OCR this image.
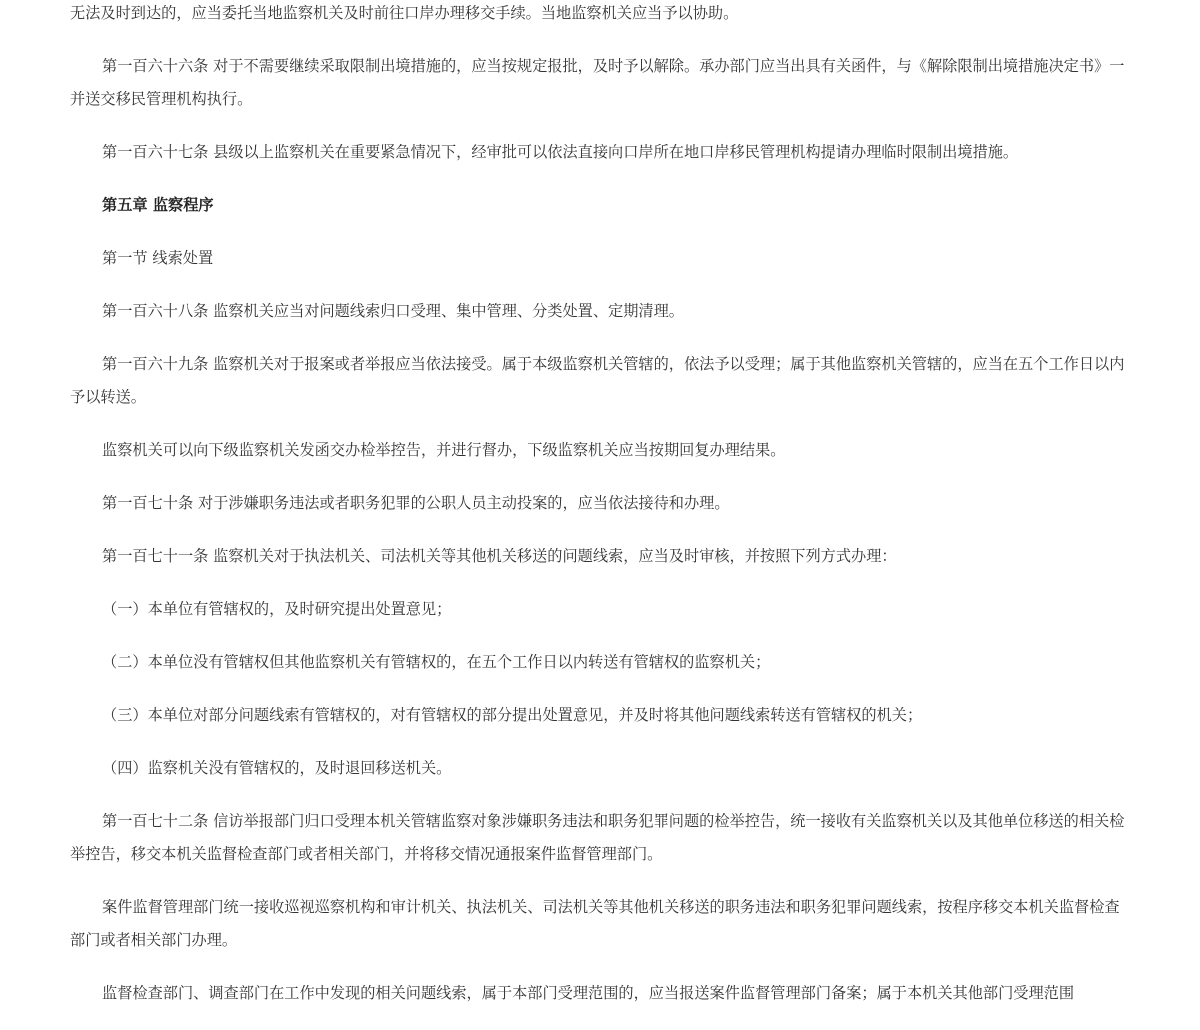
无法及时到达的，应当委托当地监察机关及时前往口岸办理移交手续。当地监察机关应当予以协助。

第一百六十六条 对于不需要继续采取限制出境措施的，应当按规定报批，及时予以解除。承办部门应当出具有关函件，与《解除限制出境措施决定书》一并送交移民管理机构执行。

第一百六十七条 县级以上监察机关在重要紧急情况下，经审批可以依法直接向口岸所在地口岸移民管理机构提请办理临时限制出境措施。

第五章 监察程序

第一节 线索处置

第一百六十八条 监察机关应当对问题线索归口受理、集中管理、分类处置、定期清理。

第一百六十九条 监察机关对于报案或者举报应当依法接受。属于本级监察机关管辖的，依法予以受理；属于其他监察机关管辖的，应当在五个工作日以内予以转送。

监察机关可以向下级监察机关发函交办检举控告，并进行督办，下级监察机关应当按期回复办理结果。

第一百七十条 对于涉嫌职务违法或者职务犯罪的公职人员主动投案的，应当依法接待和办理。

第一百七十一条 监察机关对于执法机关、司法机关等其他机关移送的问题线索，应当及时审核，并按照下列方式办理：

（一）本单位有管辖权的，及时研究提出处置意见；

（二）本单位没有管辖权但其他监察机关有管辖权的，在五个工作日以内转送有管辖权的监察机关；

（三）本单位对部分问题线索有管辖权的，对有管辖权的部分提出处置意见，并及时将其他问题线索转送有管辖权的机关；

（四）监察机关没有管辖权的，及时退回移送机关。

第一百七十二条 信访举报部门归口受理本机关管辖监察对象涉嫌职务违法和职务犯罪问题的检举控告，统一接收有关监察机关以及其他单位移送的相关检举控告，移交本机关监督检查部门或者相关部门，并将移交情况通报案件监督管理部门。

案件监督管理部门统一接收巡视巡察机构和审计机关、执法机关、司法机关等其他机关移送的职务违法和职务犯罪问题线索，按程序移交本机关监督检查部门或者相关部门办理。

监督检查部门、调查部门在工作中发现的相关问题线索，属于本部门受理范围的，应当报送案件监督管理部门备案；属于本机关其他部门受理范围
